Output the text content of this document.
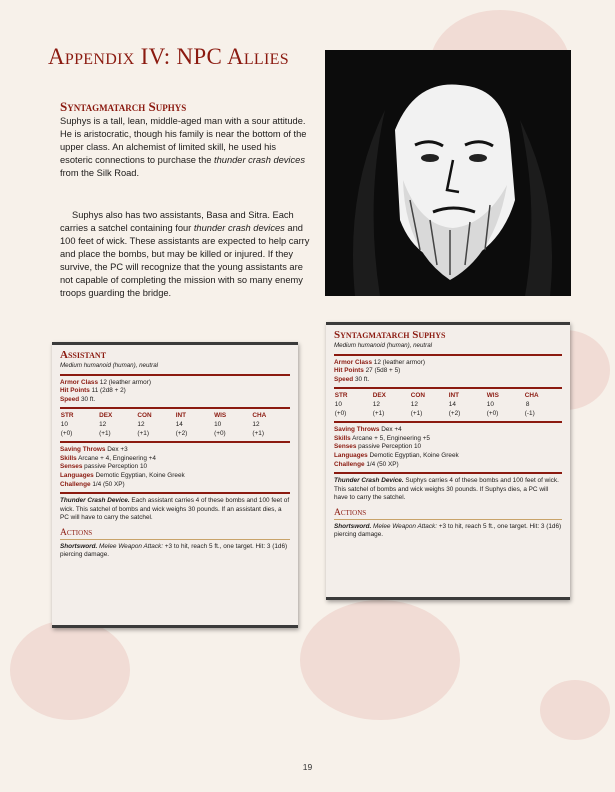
Appendix IV: NPC Allies
Syntagmatarch Suphys
Suphys is a tall, lean, middle-aged man with a sour attitude. He is aristocratic, though his family is near the bottom of the upper class. An alchemist of limited skill, he used his esoteric connections to purchase the thunder crash devices from the Silk Road.
Suphys also has two assistants, Basa and Sitra. Each carries a satchel containing four thunder crash devices and 100 feet of wick. These assistants are expected to help carry and place the bombs, but may be killed or injured. If they survive, the PC will recognize that the young assistants are not capable of completing the mission with so many enemy troops guarding the bridge.
Assistant
Medium humanoid (human), neutral
Armor Class 12 (leather armor)
Hit Points 11 (2d8 + 2)
Speed 30 ft.
STR
10 (+0)
DEX
12 (+1)
CON
12 (+1)
INT
14 (+2)
WIS
10 (+0)
CHA
12 (+1)
Saving Throws Dex +3
Skills Arcane + 4, Engineering +4
Senses passive Perception 10
Languages Demotic Egyptian, Koine Greek
Challenge 1/4 (50 XP)
Thunder Crash Device. Each assistant carries 4 of these bombs and 100 feet of wick. This satchel of bombs and wick weighs 30 pounds. If an assistant dies, a PC will have to carry the satchel.
Actions
Shortsword. Melee Weapon Attack: +3 to hit, reach 5 ft., one target. Hit: 3 (1d6) piercing damage.
Syntagmatarch Suphys
Medium humanoid (human), neutral
Armor Class 12 (leather armor)
Hit Points 27 (5d8 + 5)
Speed 30 ft.
STR
10 (+0)
DEX
12 (+1)
CON
12 (+1)
INT
14 (+2)
WIS
10 (+0)
CHA
8 (-1)
Saving Throws Dex +4
Skills Arcane + 5, Engineering +5
Senses passive Perception 10
Languages Demotic Egyptian, Koine Greek
Challenge 1/4 (50 XP)
Thunder Crash Device. Suphys carries 4 of these bombs and 100 feet of wick. This satchel of bombs and wick weighs 30 pounds. If Suphys dies, a PC will have to carry the satchel.
Actions
Shortsword. Melee Weapon Attack: +3 to hit, reach 5 ft., one target. Hit: 3 (1d6) piercing damage.
19
